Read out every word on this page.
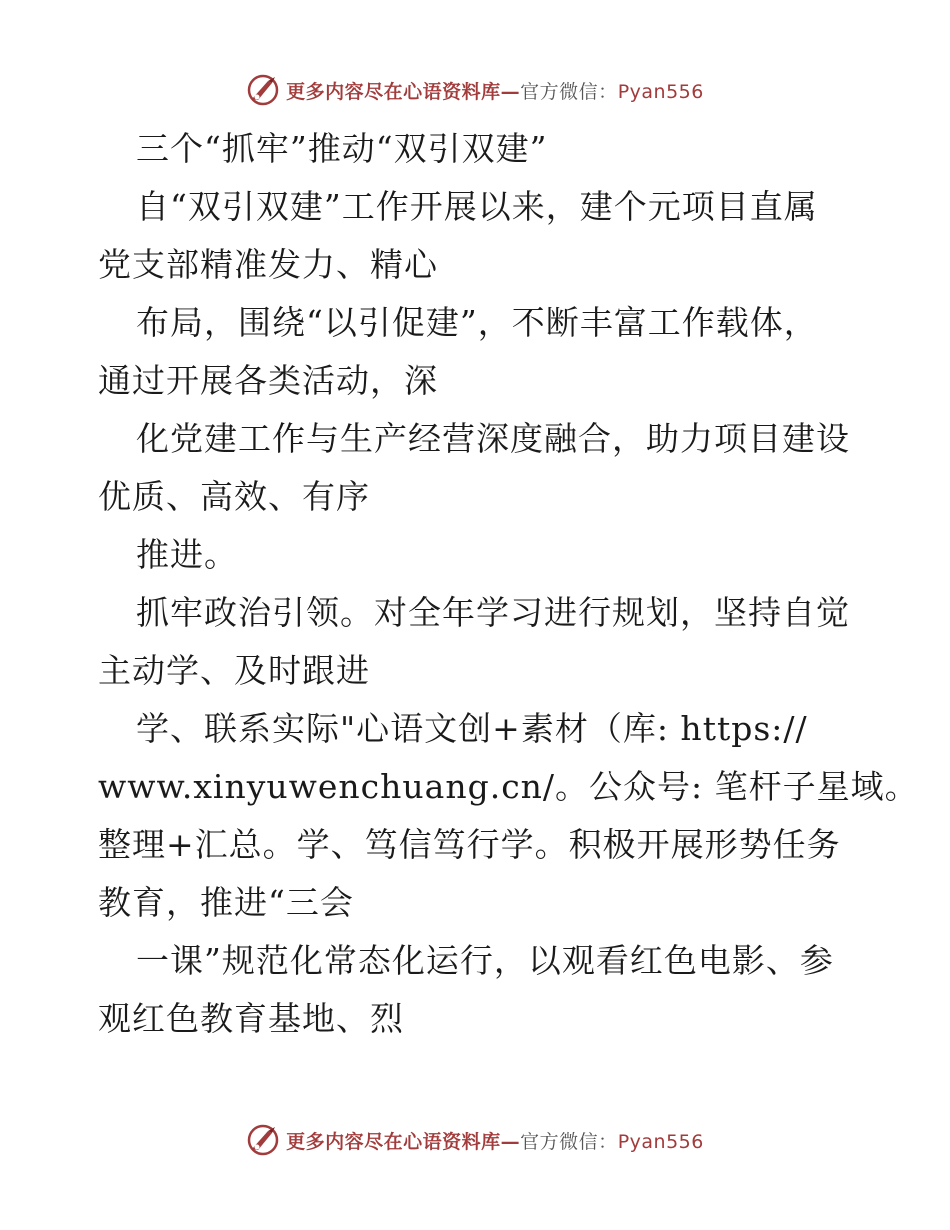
更多内容尽在心语资料库—官方微信：Pyan556
三个“抓牢”推动“双引双建”
自“双引双建”工作开展以来，建个元项目直属
党支部精准发力、精心
布局，围绕“以引促建”，不断丰富工作载体，
通过开展各类活动，深
化党建工作与生产经营深度融合，助力项目建设
优质、高效、有序
推进。
抓牢政治引领。对全年学习进行规划，坚持自觉
主动学、及时跟进
学、联系实际"心语文创+素材（库: https://
www.xinyuwenchuang.cn/。公众号: 笔杆子星域。
整理+汇总。学、笃信笃行学。积极开展形势任务
教育，推进“三会
一课”规范化常态化运行，以观看红色电影、参
观红色教育基地、烈
更多内容尽在心语资料库—官方微信：Pyan556
